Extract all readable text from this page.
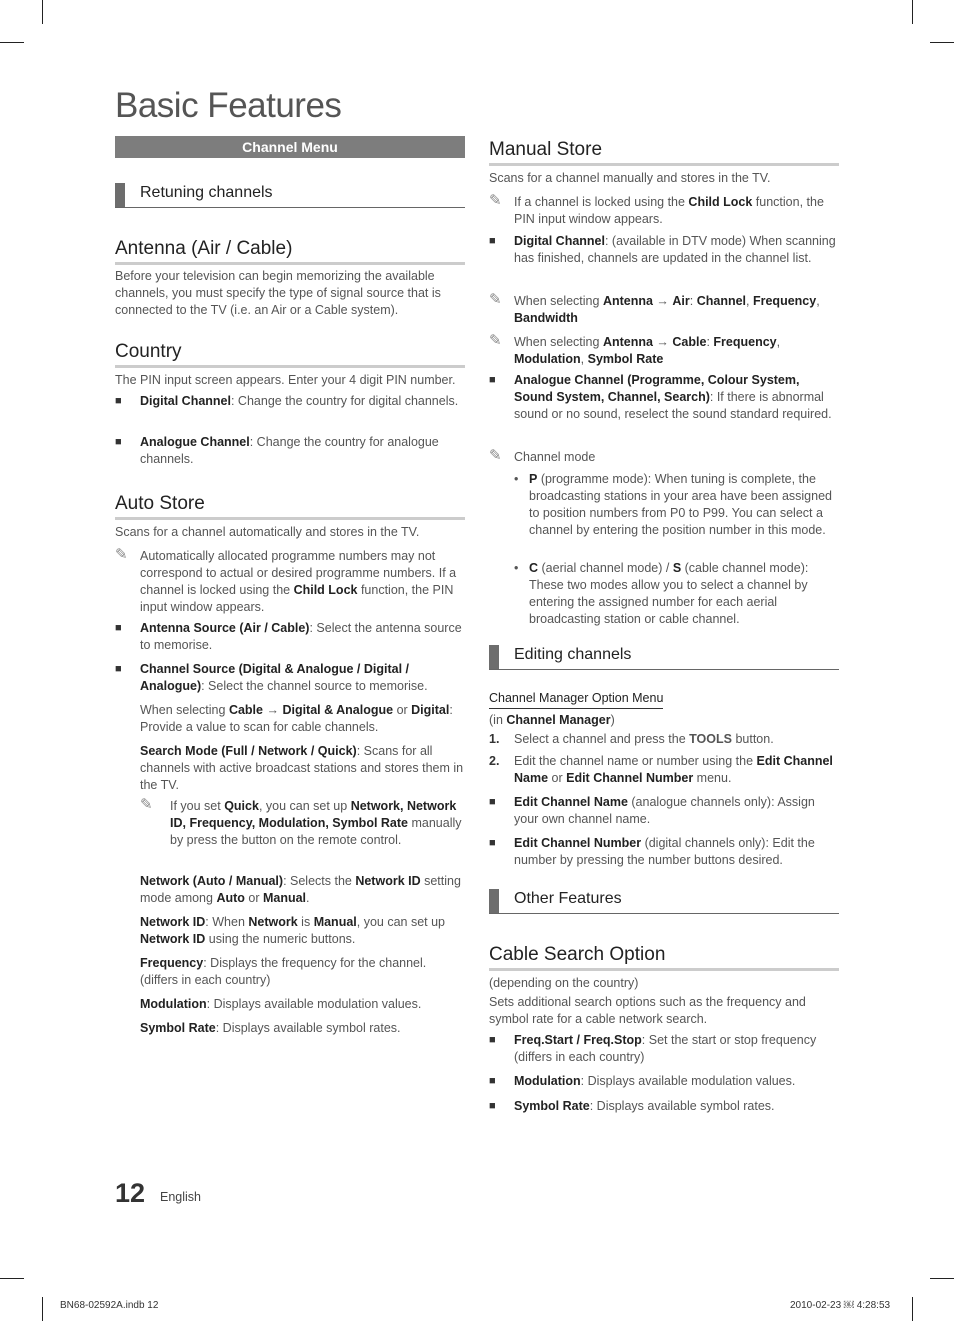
Basic Features
Channel Menu
Retuning channels
Antenna (Air / Cable)
Before your television can begin memorizing the available channels, you must specify the type of signal source that is connected to the TV (i.e. an Air or a Cable system).
Country
The PIN input screen appears. Enter your 4 digit PIN number.
■ Digital Channel: Change the country for digital channels.
■ Analogue Channel: Change the country for analogue channels.
Auto Store
Scans for a channel automatically and stores in the TV.
✎ Automatically allocated programme numbers may not correspond to actual or desired programme numbers. If a channel is locked using the Child Lock function, the PIN input window appears.
■ Antenna Source (Air / Cable): Select the antenna source to memorise.
■ Channel Source (Digital & Analogue / Digital / Analogue): Select the channel source to memorise.
When selecting Cable → Digital & Analogue or Digital: Provide a value to scan for cable channels.
Search Mode (Full / Network / Quick): Scans for all channels with active broadcast stations and stores them in the TV.
✎ If you set Quick, you can set up Network, Network ID, Frequency, Modulation, Symbol Rate manually by press the button on the remote control.
Network (Auto / Manual): Selects the Network ID setting mode among Auto or Manual.
Network ID: When Network is Manual, you can set up Network ID using the numeric buttons.
Frequency: Displays the frequency for the channel. (differs in each country)
Modulation: Displays available modulation values.
Symbol Rate: Displays available symbol rates.
Manual Store
Scans for a channel manually and stores in the TV.
✎ If a channel is locked using the Child Lock function, the PIN input window appears.
■ Digital Channel: (available in DTV mode) When scanning has finished, channels are updated in the channel list.
✎ When selecting Antenna → Air: Channel, Frequency, Bandwidth
✎ When selecting Antenna → Cable: Frequency, Modulation, Symbol Rate
■ Analogue Channel (Programme, Colour System, Sound System, Channel, Search): If there is abnormal sound or no sound, reselect the sound standard required.
✎ Channel mode
• P (programme mode): When tuning is complete, the broadcasting stations in your area have been assigned to position numbers from P0 to P99. You can select a channel by entering the position number in this mode.
• C (aerial channel mode) / S (cable channel mode): These two modes allow you to select a channel by entering the assigned number for each aerial broadcasting station or cable channel.
Editing channels
Channel Manager Option Menu
(in Channel Manager)
1. Select a channel and press the TOOLS button.
2. Edit the channel name or number using the Edit Channel Name or Edit Channel Number menu.
■ Edit Channel Name (analogue channels only): Assign your own channel name.
■ Edit Channel Number (digital channels only): Edit the number by pressing the number buttons desired.
Other Features
Cable Search Option
(depending on the country)
Sets additional search options such as the frequency and symbol rate for a cable network search.
■ Freq.Start / Freq.Stop: Set the start or stop frequency (differs in each country)
■ Modulation: Displays available modulation values.
■ Symbol Rate: Displays available symbol rates.
12 English
BN68-02592A.indb 12	2010-02-23 ￼ 4:28:53
